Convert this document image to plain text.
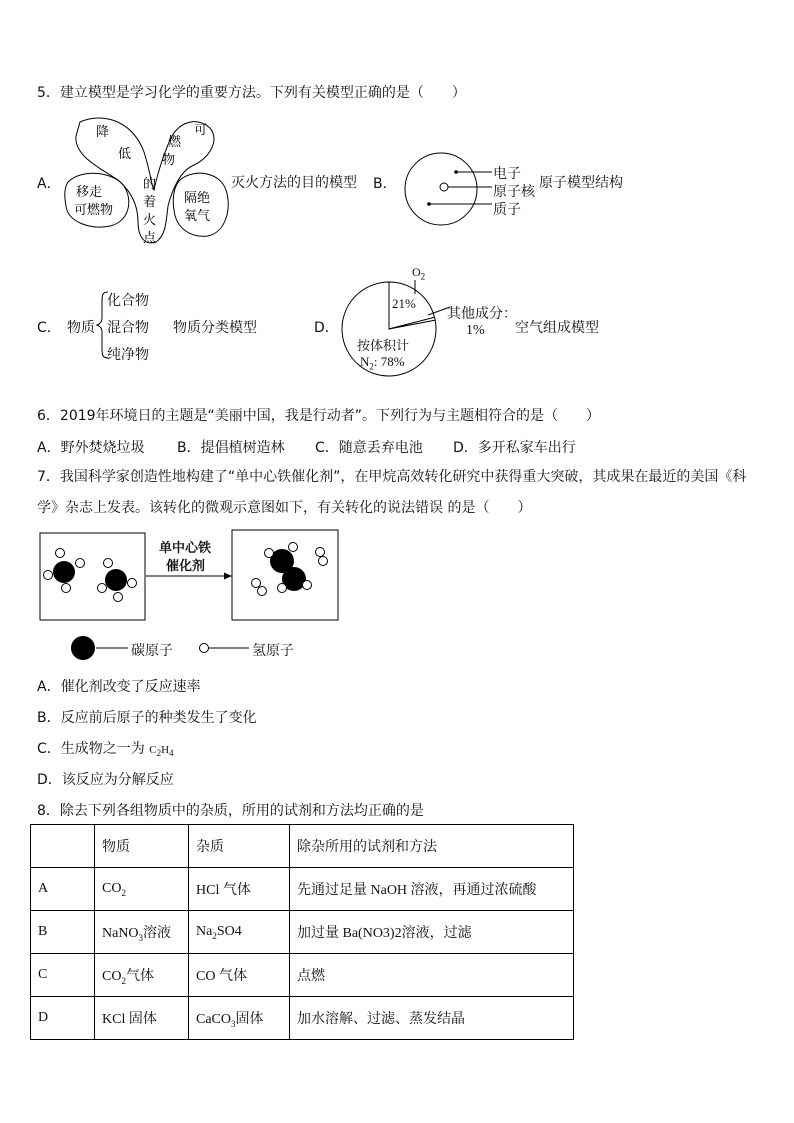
5．建立模型是学习化学的重要方法。下列有关模型正确的是（　　）
A．
降
低
可
燃
物
的
着
火
点
移走
可燃物
隔绝
氧气
灭火方法的目的模型 B．
电子
原子核
质子
原子模型结构
C． 物质
化合物
混合物
纯净物
物质分类模型	D．
$O_2$
21%
其他成分：
1%
按体积计
$N_2$: 78%
空气组成模型
6．2019年环境日的主题是“美丽中国，我是行动者”。下列行为与主题相符合的是（　　）
A．野外焚烧垃圾 B．提倡植树造林 C．随意丢弃电池 D．多开私家车出行
7．我国科学家创造性地构建了“单中心铁催化剂”，在甲烷高效转化研究中获得重大突破，其成果在最近的美国《科
学》杂志上发表。该转化的微观示意图如下，有关转化的说法错误 的是（　　）
单中心铁
催化剂
碳原子	氢原子
A．催化剂改变了反应速率
B．反应前后原子的种类发生了变化
C．生成物之一为 $C_2H_4$
D．该反应为分解反应
8．除去下列各组物质中的杂质，所用的试剂和方法均正确的是
	物质	杂质	除杂所用的试剂和方法
A	$CO_2$	HCl 气体	先通过足量 NaOH 溶液，再通过浓硫酸
B	NaNO$_3$溶液	$Na_2SO4$	加过量 Ba(NO3)2溶液，过滤
C	$CO_2$气体	CO 气体	点燃
D	KCl 固体	CaCO$_3$固体	加水溶解、过滤、蒸发结晶
